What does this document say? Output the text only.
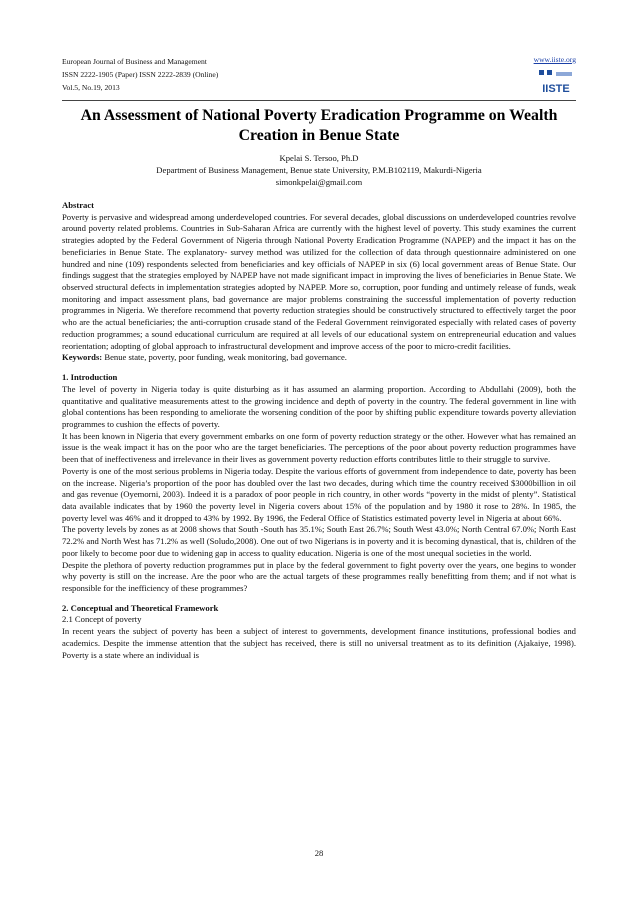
European Journal of Business and Management
ISSN 2222-1905 (Paper) ISSN 2222-2839 (Online)
Vol.5, No.19, 2013
www.iiste.org
IISTE
An Assessment of National Poverty Eradication Programme on Wealth Creation in Benue State
Kpelai S. Tersoo, Ph.D
Department of Business Management, Benue state University, P.M.B102119, Makurdi-Nigeria
simonkpelai@gmail.com

Abstract

Poverty is pervasive and widespread among underdeveloped countries. For several decades, global discussions on underdeveloped countries revolve around poverty related problems. Countries in Sub-Saharan Africa are currently with the highest level of poverty. This study examines the current strategies adopted by the Federal Government of Nigeria through National Poverty Eradication Programme (NAPEP) and the impact it has on the beneficiaries in Benue State. The explanatory- survey method was utilized for the collection of data through questionnaire administered on one hundred and nine (109) respondents selected from beneficiaries and key officials of NAPEP in six (6) local government areas of Benue State. Our findings suggest that the strategies employed by NAPEP have not made significant impact in improving the lives of beneficiaries in Benue State. We observed structural defects in implementation strategies adopted by NAPEP. More so, corruption, poor funding and untimely release of funds, weak monitoring and impact assessment plans, bad governance are major problems constraining the successful implementation of poverty reduction programmes in Nigeria. We therefore recommend that poverty reduction strategies should be constructively structured to effectively target the poor who are the actual beneficiaries; the anti-corruption crusade stand of the Federal Government reinvigorated especially with related cases of poverty reduction programmes; a sound educational curriculum are required at all levels of our educational system on entrepreneurial education and values reorientation; adopting of global approach to infrastructural development and improve access of the poor to micro-credit facilities.

Keywords: Benue state, poverty, poor funding, weak monitoring, bad governance.

1. Introduction

The level of poverty in Nigeria today is quite disturbing as it has assumed an alarming proportion. According to Abdullahi (2009), both the quantitative and qualitative measurements attest to the growing incidence and depth of poverty in the country. The federal government in line with global contentions has been responding to ameliorate the worsening condition of the poor by shifting public expenditure towards poverty alleviation programmes to cushion the effects of poverty.

It has been known in Nigeria that every government embarks on one form of poverty reduction strategy or the other. However what has remained an issue is the weak impact it has on the poor who are the target beneficiaries. The perceptions of the poor about poverty reduction programmes have been that of ineffectiveness and irrelevance in their lives as government poverty reduction efforts contributes little to their struggle to survive.

Poverty is one of the most serious problems in Nigeria today. Despite the various efforts of government from independence to date, poverty has been on the increase. Nigeria’s proportion of the poor has doubled over the last two decades, during which time the country received $3000billion in oil and gas revenue (Oyemorni, 2003). Indeed it is a paradox of poor people in rich country, in other words “poverty in the midst of plenty”. Statistical data available indicates that by 1960 the poverty level in Nigeria covers about 15% of the population and by 1980 it rose to 28%. In 1985, the poverty level was 46% and it dropped to 43% by 1992. By 1996, the Federal Office of Statistics estimated poverty level in Nigeria at about 66%.

The poverty levels by zones as at 2008 shows that South -South has 35.1%; South East 26.7%; South West 43.0%; North Central 67.0%; North East 72.2% and North West has 71.2% as well (Soludo,2008). One out of two Nigerians is in poverty and it is becoming dynastical, that is, children of the poor likely to become poor due to widening gap in access to quality education. Nigeria is one of the most unequal societies in the world.

Despite the plethora of poverty reduction programmes put in place by the federal government to fight poverty over the years, one begins to wonder why poverty is still on the increase. Are the poor who are the actual targets of these programmes really benefitting from them; and if not what is responsible for the inefficiency of these programmes?

2. Conceptual and Theoretical Framework

2.1 Concept of poverty

In recent years the subject of poverty has been a subject of interest to governments, development finance institutions, professional bodies and academics. Despite the immense attention that the subject has received, there is still no universal treatment as to its definition (Ajakaiye, 1998). Poverty is a state where an individual is

28
